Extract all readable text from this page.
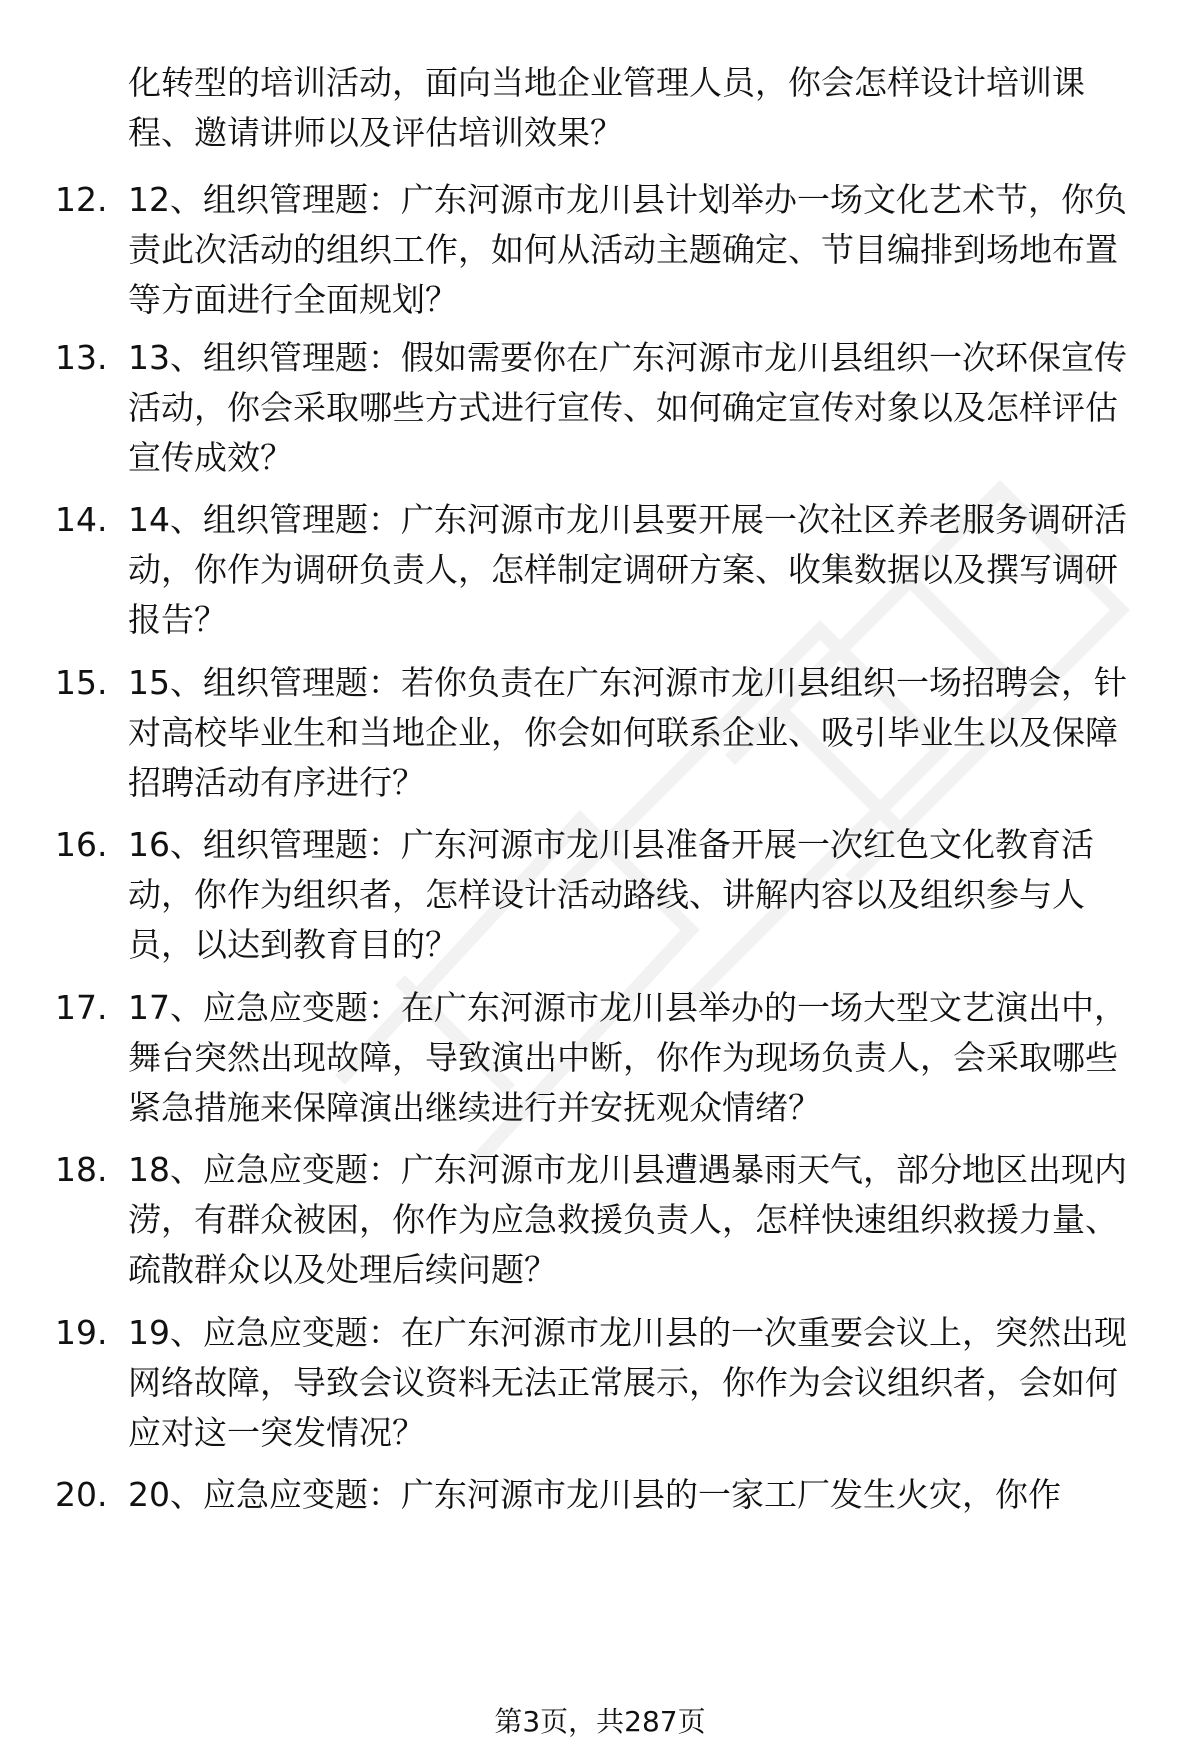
化转型的培训活动，面向当地企业管理人员，你会怎样设计培训课程、邀请讲师以及评估培训效果？
12. 12、组织管理题：广东河源市龙川县计划举办一场文化艺术节，你负责此次活动的组织工作，如何从活动主题确定、节目编排到场地布置等方面进行全面规划？
13. 13、组织管理题：假如需要你在广东河源市龙川县组织一次环保宣传活动，你会采取哪些方式进行宣传、如何确定宣传对象以及怎样评估宣传成效？
14. 14、组织管理题：广东河源市龙川县要开展一次社区养老服务调研活动，你作为调研负责人，怎样制定调研方案、收集数据以及撰写调研报告？
15. 15、组织管理题：若你负责在广东河源市龙川县组织一场招聘会，针对高校毕业生和当地企业，你会如何联系企业、吸引毕业生以及保障招聘活动有序进行？
16. 16、组织管理题：广东河源市龙川县准备开展一次红色文化教育活动，你作为组织者，怎样设计活动路线、讲解内容以及组织参与人员，以达到教育目的？
17. 17、应急应变题：在广东河源市龙川县举办的一场大型文艺演出中，舞台突然出现故障，导致演出中断，你作为现场负责人，会采取哪些紧急措施来保障演出继续进行并安抚观众情绪？
18. 18、应急应变题：广东河源市龙川县遭遇暴雨天气，部分地区出现内涝，有群众被困，你作为应急救援负责人，怎样快速组织救援力量、疏散群众以及处理后续问题？
19. 19、应急应变题：在广东河源市龙川县的一次重要会议上，突然出现网络故障，导致会议资料无法正常展示，你作为会议组织者，会如何应对这一突发情况？
20. 20、应急应变题：广东河源市龙川县的一家工厂发生火灾，你作
第3页，共287页
